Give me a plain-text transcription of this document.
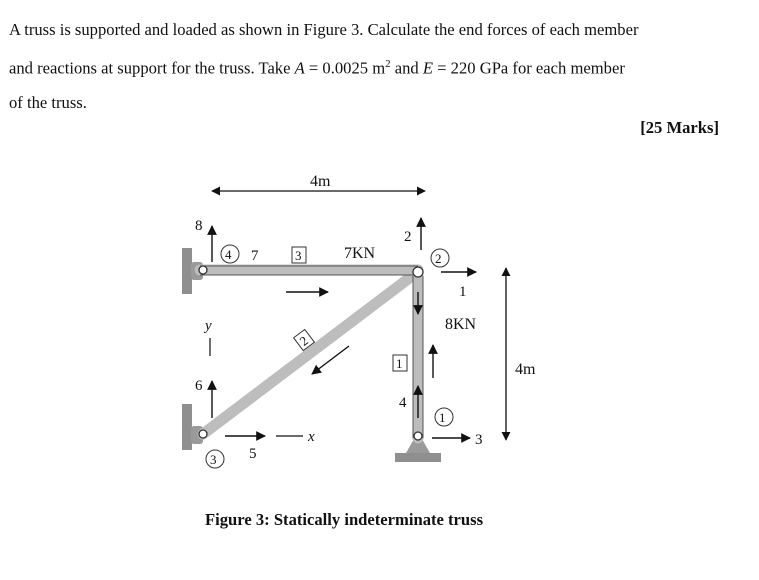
A truss is supported and loaded as shown in Figure 3. Calculate the end forces of each member

and reactions at support for the truss. Take A = 0.0025 $m^2$ and E = 220 GPa for each member

of the truss.

[25 Marks]
4m
4m
4	2
3
1
3
2
1
8
7
2
1
6
5
4
3
7KN
8KN
y
x
Figure 3: Statically indeterminate truss
